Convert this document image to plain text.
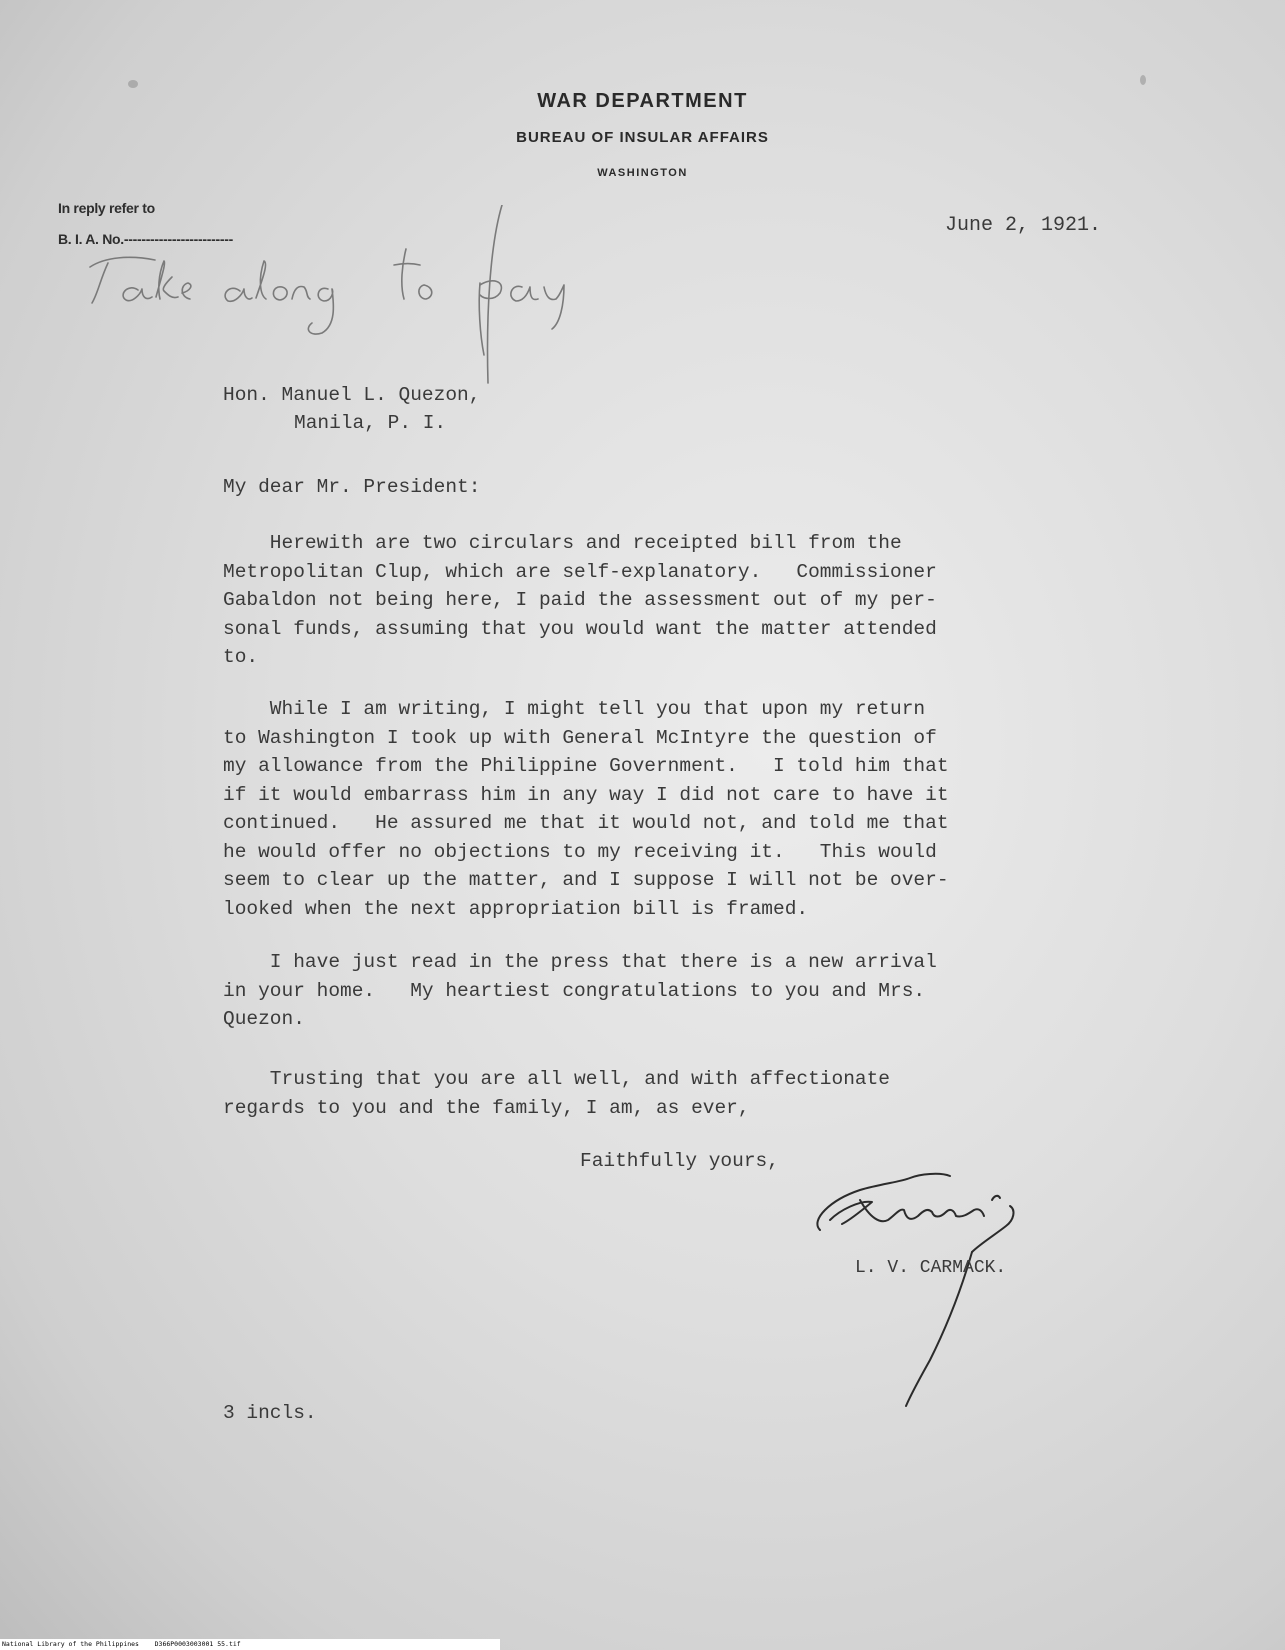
WAR DEPARTMENT
BUREAU OF INSULAR AFFAIRS
WASHINGTON
In reply refer to
B. I. A. No.-------------------------
June 2, 1921.
Hon. Manuel L. Quezon,
Manila, P. I.
My dear Mr. President:
Herewith are two circulars and receipted bill from the
Metropolitan Clup, which are self-explanatory.   Commissioner
Gabaldon not being here, I paid the assessment out of my per-
sonal funds, assuming that you would want the matter attended
to.
While I am writing, I might tell you that upon my return
to Washington I took up with General McIntyre the question of
my allowance from the Philippine Government.   I told him that
if it would embarrass him in any way I did not care to have it
continued.   He assured me that it would not, and told me that
he would offer no objections to my receiving it.   This would
seem to clear up the matter, and I suppose I will not be over-
looked when the next appropriation bill is framed.
I have just read in the press that there is a new arrival
in your home.   My heartiest congratulations to you and Mrs.
Quezon.
Trusting that you are all well, and with affectionate
regards to you and the family, I am, as ever,
Faithfully yours,
L. V. CARMACK.
3 incls.
National Library of the Philippines    D366P0003003001 55.tif
